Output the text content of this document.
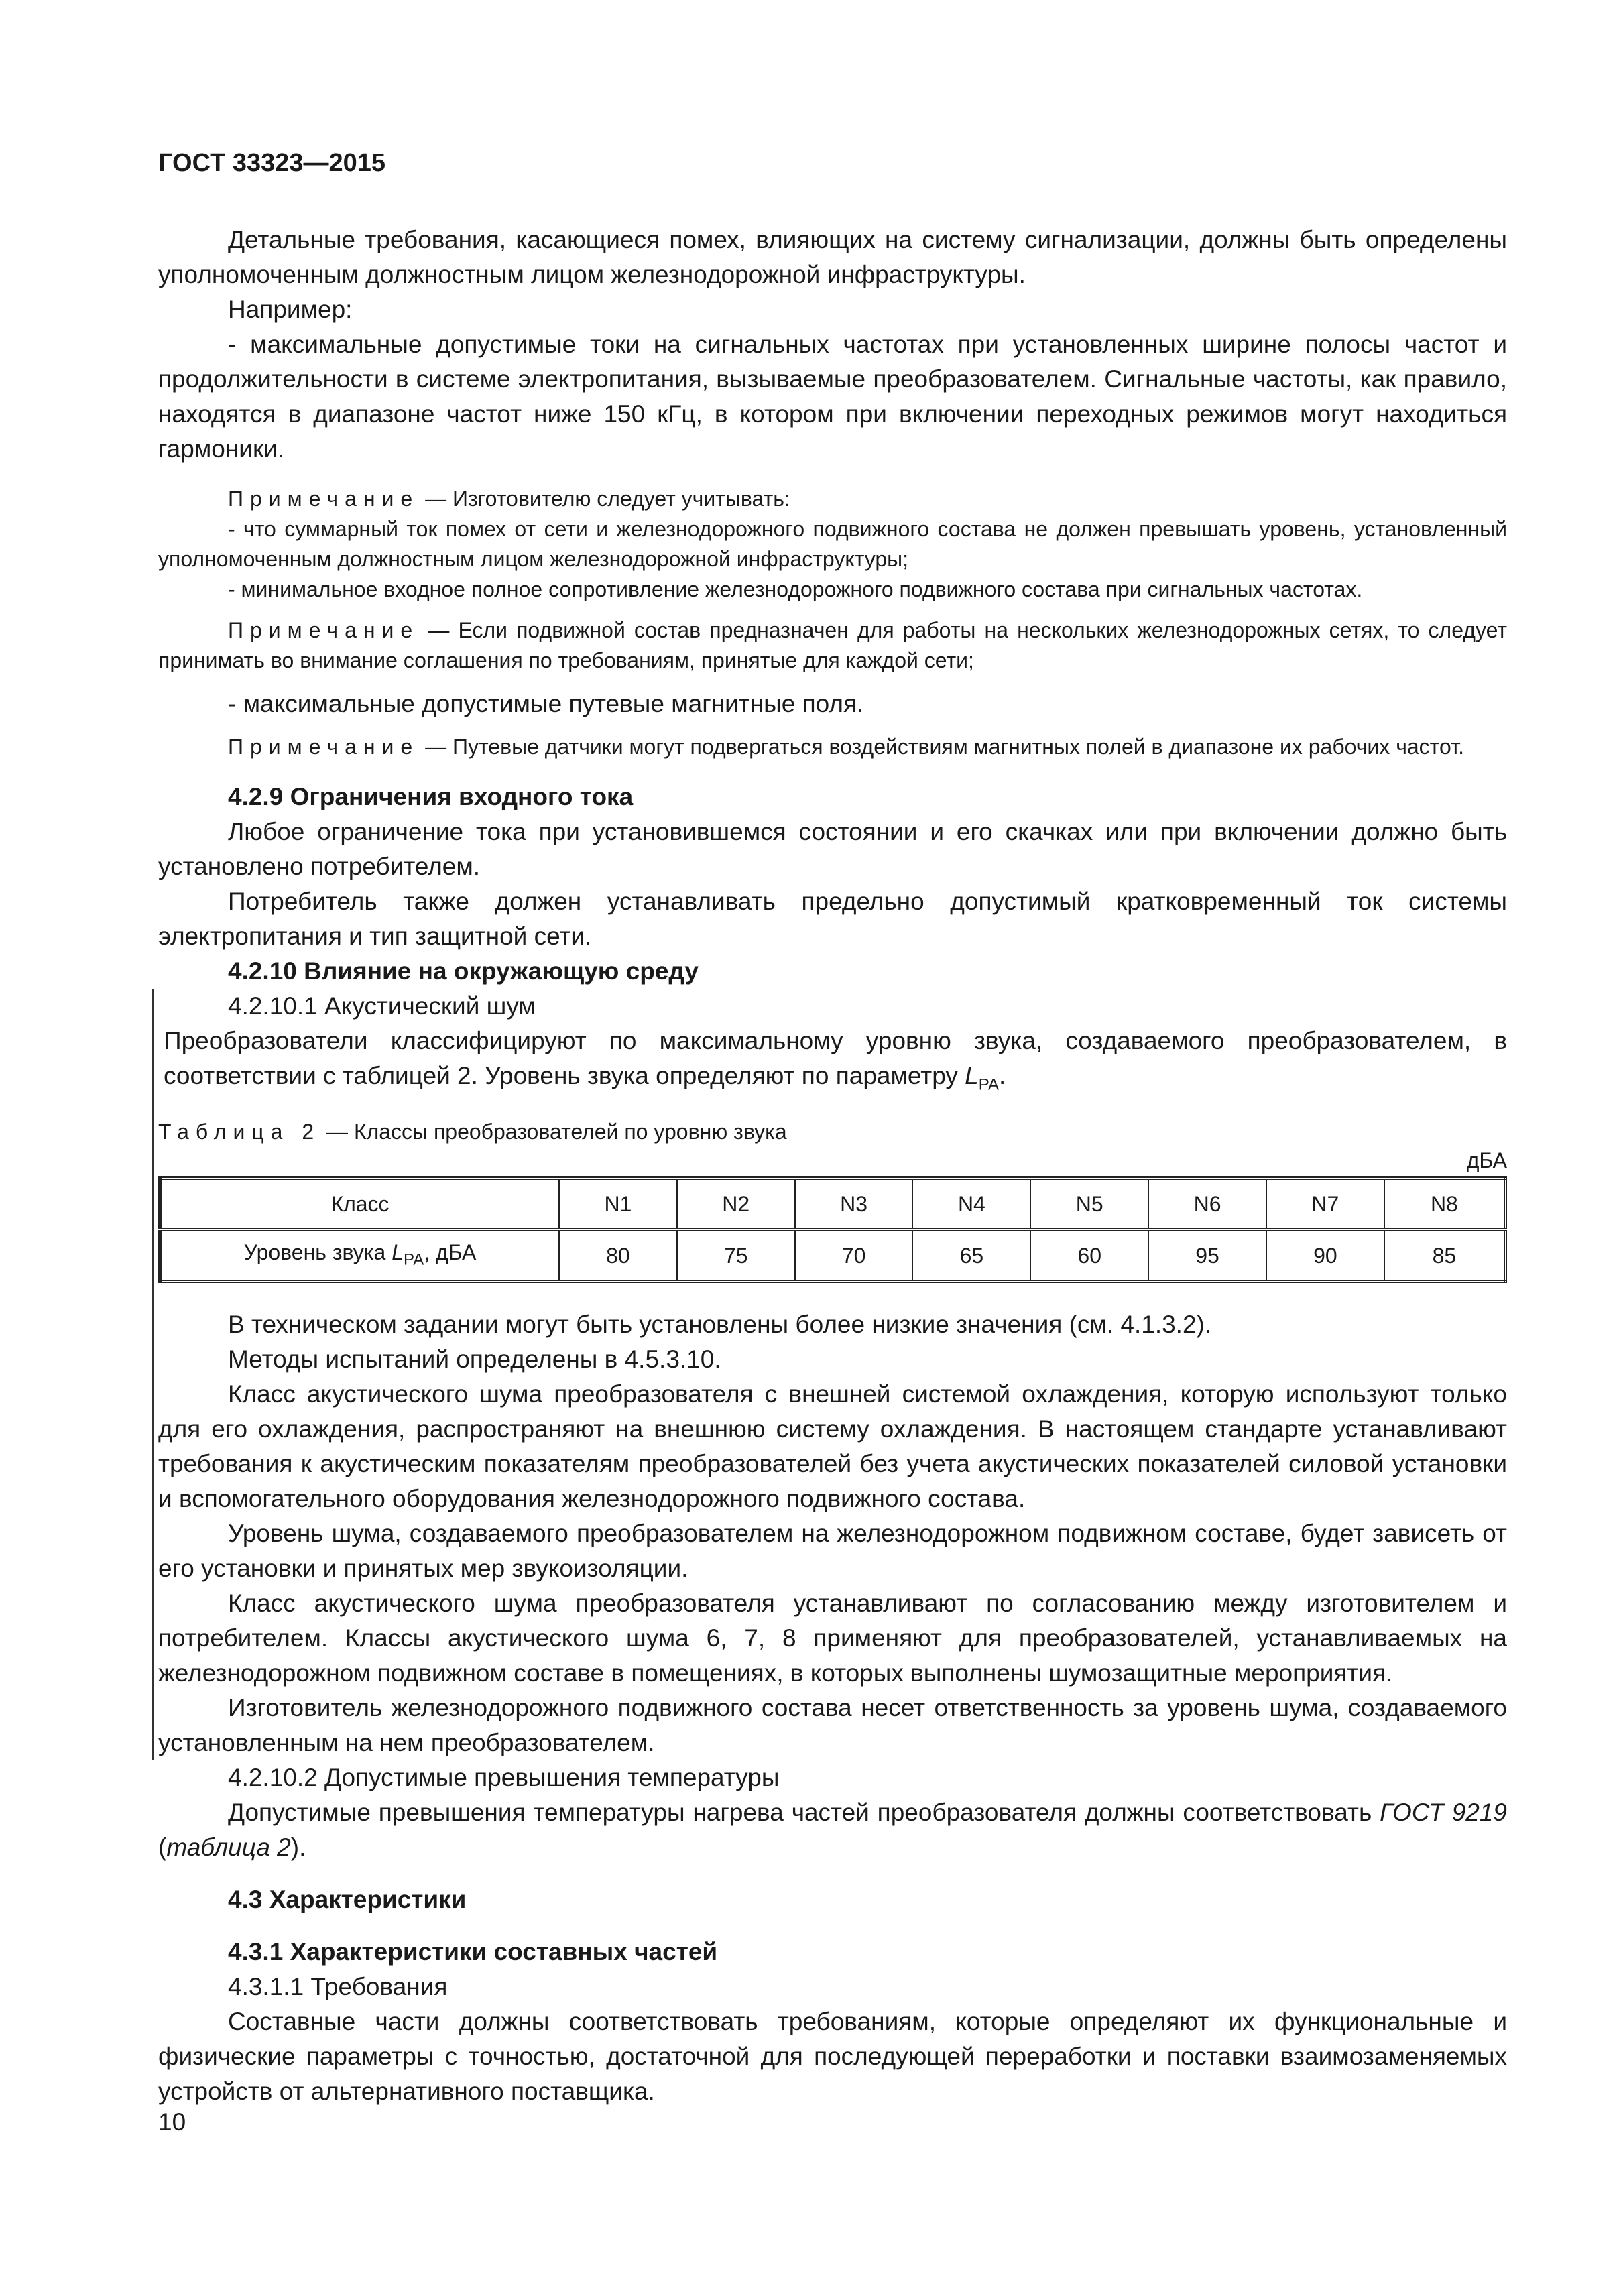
ГОСТ 33323—2015

Детальные требования, касающиеся помех, влияющих на систему сигнализации, должны быть определены уполномоченным должностным лицом железнодорожной инфраструктуры.

Например:

- максимальные допустимые токи на сигнальных частотах при установленных ширине полосы частот и продолжительности в системе электропитания, вызываемые преобразователем. Сигнальные частоты, как правило, находятся в диапазоне частот ниже 150 кГц, в котором при включении переходных режимов могут находиться гармоники.

Примечание — Изготовителю следует учитывать:

- что суммарный ток помех от сети и железнодорожного подвижного состава не должен превышать уровень, установленный уполномоченным должностным лицом железнодорожной инфраструктуры;

- минимальное входное полное сопротивление железнодорожного подвижного состава при сигнальных частотах.

Примечание — Если подвижной состав предназначен для работы на нескольких железнодорожных сетях, то следует принимать во внимание соглашения по требованиям, принятые для каждой сети;

- максимальные допустимые путевые магнитные поля.

Примечание — Путевые датчики могут подвергаться воздействиям магнитных полей в диапазоне их рабочих частот.

4.2.9 Ограничения входного тока

Любое ограничение тока при установившемся состоянии и его скачках или при включении должно быть установлено потребителем.

Потребитель также должен устанавливать предельно допустимый кратковременный ток системы электропитания и тип защитной сети.

4.2.10 Влияние на окружающую среду

4.2.10.1 Акустический шум

Преобразователи классифицируют по максимальному уровню звука, создаваемого преобразователем, в соответствии с таблицей 2. Уровень звука определяют по параметру $L_{PA}$.

Таблица 2 — Классы преобразователей по уровню звука

дБА
Класс	N1	N2	N3	N4	N5	N6	N7	N8
Уровень звука $L_{PA}$, дБА	80	75	70	65	60	95	90	85

В техническом задании могут быть установлены более низкие значения (см. 4.1.3.2).

Методы испытаний определены в 4.5.3.10.

Класс акустического шума преобразователя с внешней системой охлаждения, которую используют только для его охлаждения, распространяют на внешнюю систему охлаждения. В настоящем стандарте устанавливают требования к акустическим показателям преобразователей без учета акустических показателей силовой установки и вспомогательного оборудования железнодорожного подвижного состава.

Уровень шума, создаваемого преобразователем на железнодорожном подвижном составе, будет зависеть от его установки и принятых мер звукоизоляции.

Класс акустического шума преобразователя устанавливают по согласованию между изготовителем и потребителем. Классы акустического шума 6, 7, 8 применяют для преобразователей, устанавливаемых на железнодорожном подвижном составе в помещениях, в которых выполнены шумозащитные мероприятия.

Изготовитель железнодорожного подвижного состава несет ответственность за уровень шума, создаваемого установленным на нем преобразователем.

4.2.10.2 Допустимые превышения температуры

Допустимые превышения температуры нагрева частей преобразователя должны соответствовать ГОСТ 9219 (таблица 2).

4.3 Характеристики
4.3.1 Характеристики составных частей

4.3.1.1 Требования

Составные части должны соответствовать требованиям, которые определяют их функциональные и физические параметры с точностью, достаточной для последующей переработки и поставки взаимозаменяемых устройств от альтернативного поставщика.

10
